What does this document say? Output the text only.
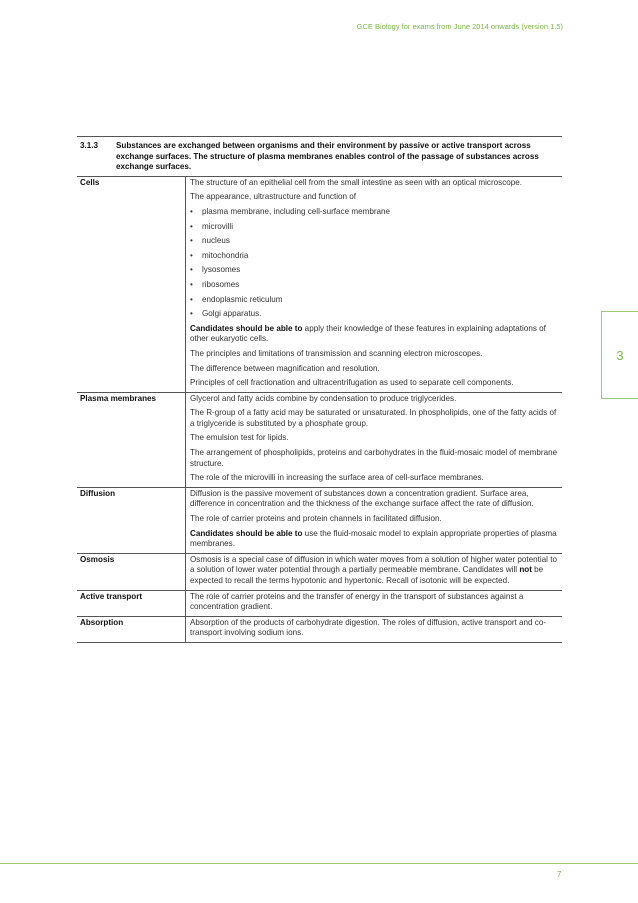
GCE Biology for exams from June 2014 onwards (version 1.5)
3
3.1.3	Substances are exchanged between organisms and their environment by passive or active transport across exchange surfaces. The structure of plasma membranes enables control of the passage of substances across exchange surfaces.
Cells	The structure of an epithelial cell from the small intestine as seen with an optical microscope.

The appearance, ultrastructure and function of

• plasma membrane, including cell-surface membrane
• microvilli
• nucleus
• mitochondria
• lysosomes
• ribosomes
• endoplasmic reticulum
• Golgi apparatus.

Candidates should be able to apply their knowledge of these features in explaining adaptations of other eukaryotic cells.

The principles and limitations of transmission and scanning electron microscopes.

The difference between magnification and resolution.

Principles of cell fractionation and ultracentrifugation as used to separate cell components.

Plasma membranes	Glycerol and fatty acids combine by condensation to produce triglycerides.

The R-group of a fatty acid may be saturated or unsaturated. In phospholipids, one of the fatty acids of a triglyceride is substituted by a phosphate group.

The emulsion test for lipids.

The arrangement of phospholipids, proteins and carbohydrates in the fluid-mosaic model of membrane structure.

The role of the microvilli in increasing the surface area of cell-surface membranes.

Diffusion	Diffusion is the passive movement of substances down a concentration gradient. Surface area, difference in concentration and the thickness of the exchange surface affect the rate of diffusion.

The role of carrier proteins and protein channels in facilitated diffusion.

Candidates should be able to use the fluid-mosaic model to explain appropriate properties of plasma membranes.

Osmosis	Osmosis is a special case of diffusion in which water moves from a solution of higher water potential to a solution of lower water potential through a partially permeable membrane. Candidates will not be expected to recall the terms hypotonic and hypertonic. Recall of isotonic will be expected.

Active transport	The role of carrier proteins and the transfer of energy in the transport of substances against a concentration gradient.

Absorption	Absorption of the products of carbohydrate digestion. The roles of diffusion, active transport and co-transport involving sodium ions.

7
